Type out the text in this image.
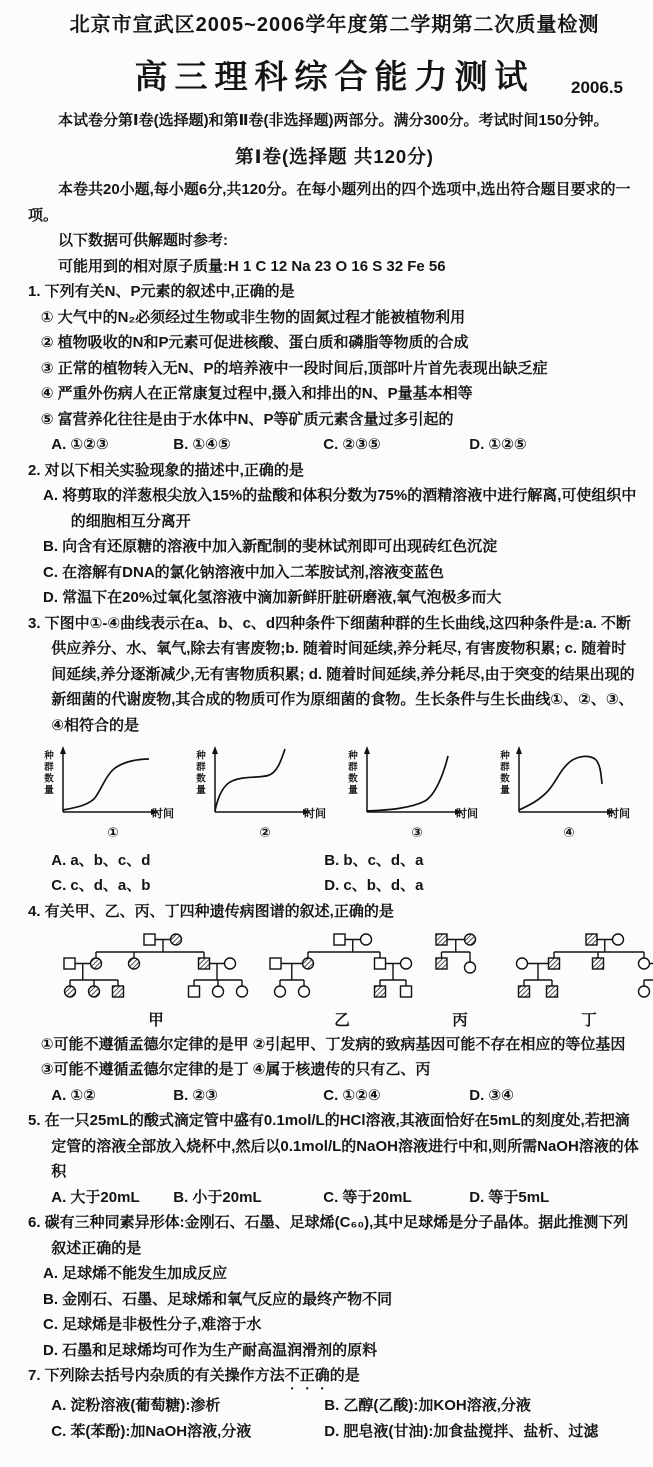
北京市宣武区2005~2006学年度第二学期第二次质量检测
高三理科综合能力测试 2006.5

本试卷分第Ⅰ卷(选择题)和第Ⅱ卷(非选择题)两部分。满分300分。考试时间150分钟。

第Ⅰ卷(选择题 共120分)

本卷共20小题,每小题6分,共120分。在每小题列出的四个选项中,选出符合题目要求的一项。

以下数据可供解题时参考:

可能用到的相对原子质量:H 1 C 12 Na 23 O 16 S 32 Fe 56

1. 下列有关N、P元素的叙述中,正确的是

① 大气中的N₂必须经过生物或非生物的固氮过程才能被植物利用

② 植物吸收的N和P元素可促进核酸、蛋白质和磷脂等物质的合成

③ 正常的植物转入无N、P的培养液中一段时间后,顶部叶片首先表现出缺乏症

④ 严重外伤病人在正常康复过程中,摄入和排出的N、P量基本相等

⑤ 富营养化往往是由于水体中N、P等矿质元素含量过多引起的

A. ①②③	B. ①④⑤	C. ②③⑤	D. ①②⑤

2. 对以下相关实验现象的描述中,正确的是

A. 将剪取的洋葱根尖放入15%的盐酸和体积分数为75%的酒精溶液中进行解离,可使组织中的细胞相互分离开

B. 向含有还原糖的溶液中加入新配制的斐林试剂即可出现砖红色沉淀

C. 在溶解有DNA的氯化钠溶液中加入二苯胺试剂,溶液变蓝色

D. 常温下在20%过氧化氢溶液中滴加新鲜肝脏研磨液,氧气泡极多而大

3. 下图中①-④曲线表示在a、b、c、d四种条件下细菌种群的生长曲线,这四种条件是:a. 不断供应养分、水、氧气,除去有害废物;b. 随着时间延续,养分耗尽, 有害废物积累; c. 随着时间延续,养分逐渐减少,无有害物质积累; d. 随着时间延续,养分耗尽,由于突变的结果出现的新细菌的代谢废物,其合成的物质可作为原细菌的食物。生长条件与生长曲线①、②、③、④相符合的是

种群数量
时间
①
种群数量
时间
②
种群数量
时间
③
种群数量
时间
④
A. a、b、c、d	B. b、c、d、a
C. c、d、a、b	D. c、b、d、a

4. 有关甲、乙、丙、丁四种遗传病图谱的叙述,正确的是

甲	乙	丙	丁

①可能不遵循孟德尔定律的是甲 ②引起甲、丁发病的致病基因可能不存在相应的等位基因

③可能不遵循孟德尔定律的是丁 ④属于核遗传的只有乙、丙

A. ①②	B. ②③	C. ①②④	D. ③④

5. 在一只25mL的酸式滴定管中盛有0.1mol/L的HCl溶液,其液面恰好在5mL的刻度处,若把滴定管的溶液全部放入烧杯中,然后以0.1mol/L的NaOH溶液进行中和,则所需NaOH溶液的体积

A. 大于20mL	B. 小于20mL	C. 等于20mL	D. 等于5mL

6. 碳有三种同素异形体:金刚石、石墨、足球烯(C₆₀),其中足球烯是分子晶体。据此推测下列叙述正确的是

A. 足球烯不能发生加成反应

B. 金刚石、石墨、足球烯和氧气反应的最终产物不同

C. 足球烯是非极性分子,难溶于水

D. 石墨和足球烯均可作为生产耐高温润滑剂的原料

7. 下列除去括号内杂质的有关操作方法不正确的是

A. 淀粉溶液(葡萄糖):渗析	B. 乙醇(乙酸):加KOH溶液,分液
C. 苯(苯酚):加NaOH溶液,分液	D. 肥皂液(甘油):加食盐搅拌、盐析、过滤
